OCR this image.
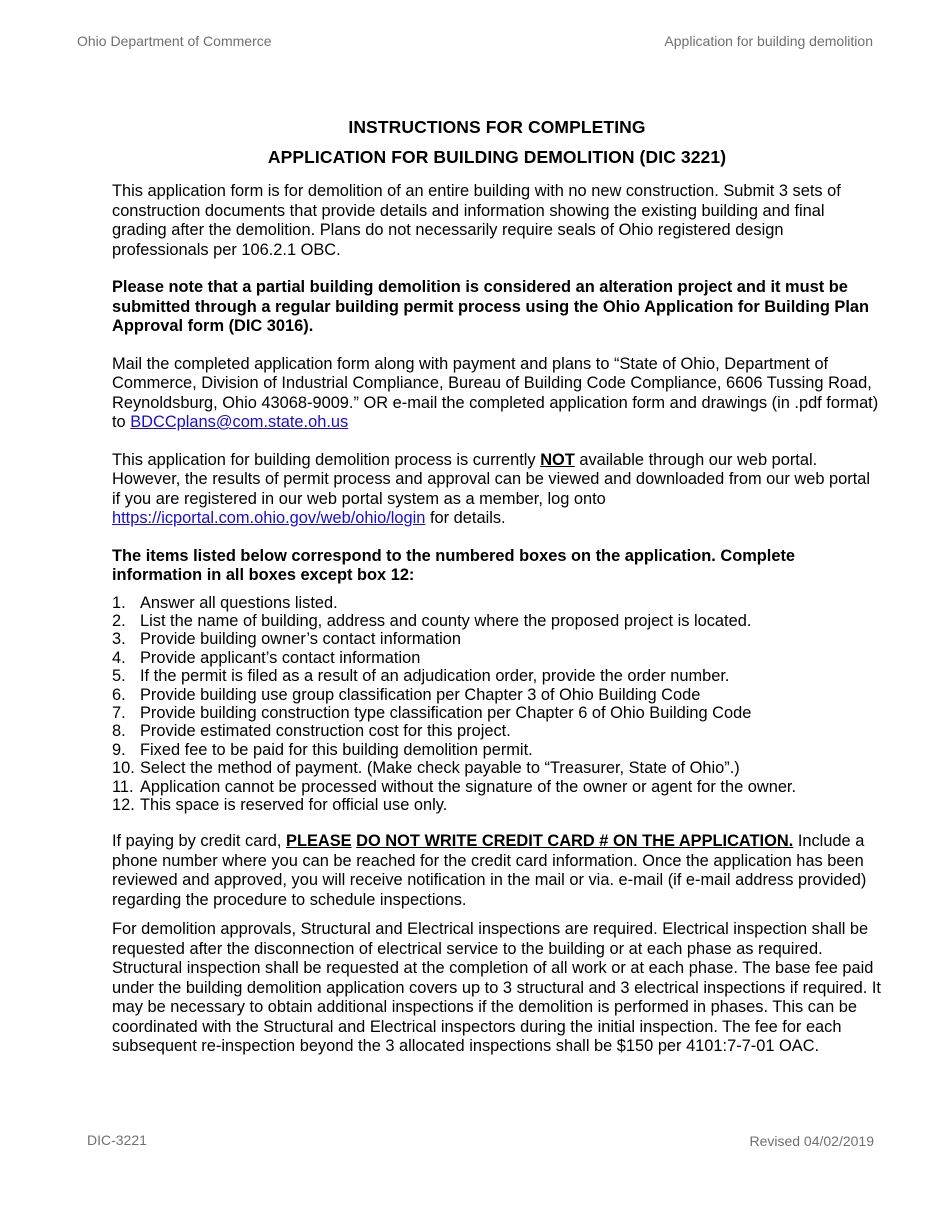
Ohio Department of Commerce	Application for building demolition
INSTRUCTIONS FOR COMPLETING
APPLICATION FOR BUILDING DEMOLITION (DIC 3221)

This application form is for demolition of an entire building with no new construction. Submit 3 sets of construction documents that provide details and information showing the existing building and final grading after the demolition. Plans do not necessarily require seals of Ohio registered design professionals per 106.2.1 OBC.

Please note that a partial building demolition is considered an alteration project and it must be submitted through a regular building permit process using the Ohio Application for Building Plan Approval form (DIC 3016).

Mail the completed application form along with payment and plans to “State of Ohio, Department of Commerce, Division of Industrial Compliance, Bureau of Building Code Compliance, 6606 Tussing Road, Reynoldsburg, Ohio 43068-9009.” OR e-mail the completed application form and drawings (in .pdf format) to BDCCplans@com.state.oh.us

This application for building demolition process is currently NOT available through our web portal. However, the results of permit process and approval can be viewed and downloaded from our web portal if you are registered in our web portal system as a member, log onto https://icportal.com.ohio.gov/web/ohio/login for details.

The items listed below correspond to the numbered boxes on the application. Complete information in all boxes except box 12:

1. Answer all questions listed.
2. List the name of building, address and county where the proposed project is located.
3. Provide building owner’s contact information
4. Provide applicant’s contact information
5. If the permit is filed as a result of an adjudication order, provide the order number.
6. Provide building use group classification per Chapter 3 of Ohio Building Code
7. Provide building construction type classification per Chapter 6 of Ohio Building Code
8. Provide estimated construction cost for this project.
9. Fixed fee to be paid for this building demolition permit.
10. Select the method of payment. (Make check payable to “Treasurer, State of Ohio”.)
11. Application cannot be processed without the signature of the owner or agent for the owner.
12. This space is reserved for official use only.

If paying by credit card, PLEASE DO NOT WRITE CREDIT CARD # ON THE APPLICATION. Include a phone number where you can be reached for the credit card information. Once the application has been reviewed and approved, you will receive notification in the mail or via. e-mail (if e-mail address provided) regarding the procedure to schedule inspections.

For demolition approvals, Structural and Electrical inspections are required. Electrical inspection shall be requested after the disconnection of electrical service to the building or at each phase as required. Structural inspection shall be requested at the completion of all work or at each phase. The base fee paid under the building demolition application covers up to 3 structural and 3 electrical inspections if required. It may be necessary to obtain additional inspections if the demolition is performed in phases. This can be coordinated with the Structural and Electrical inspectors during the initial inspection. The fee for each subsequent re-inspection beyond the 3 allocated inspections shall be $150 per 4101:7-7-01 OAC.

DIC-3221	Revised 04/02/2019
